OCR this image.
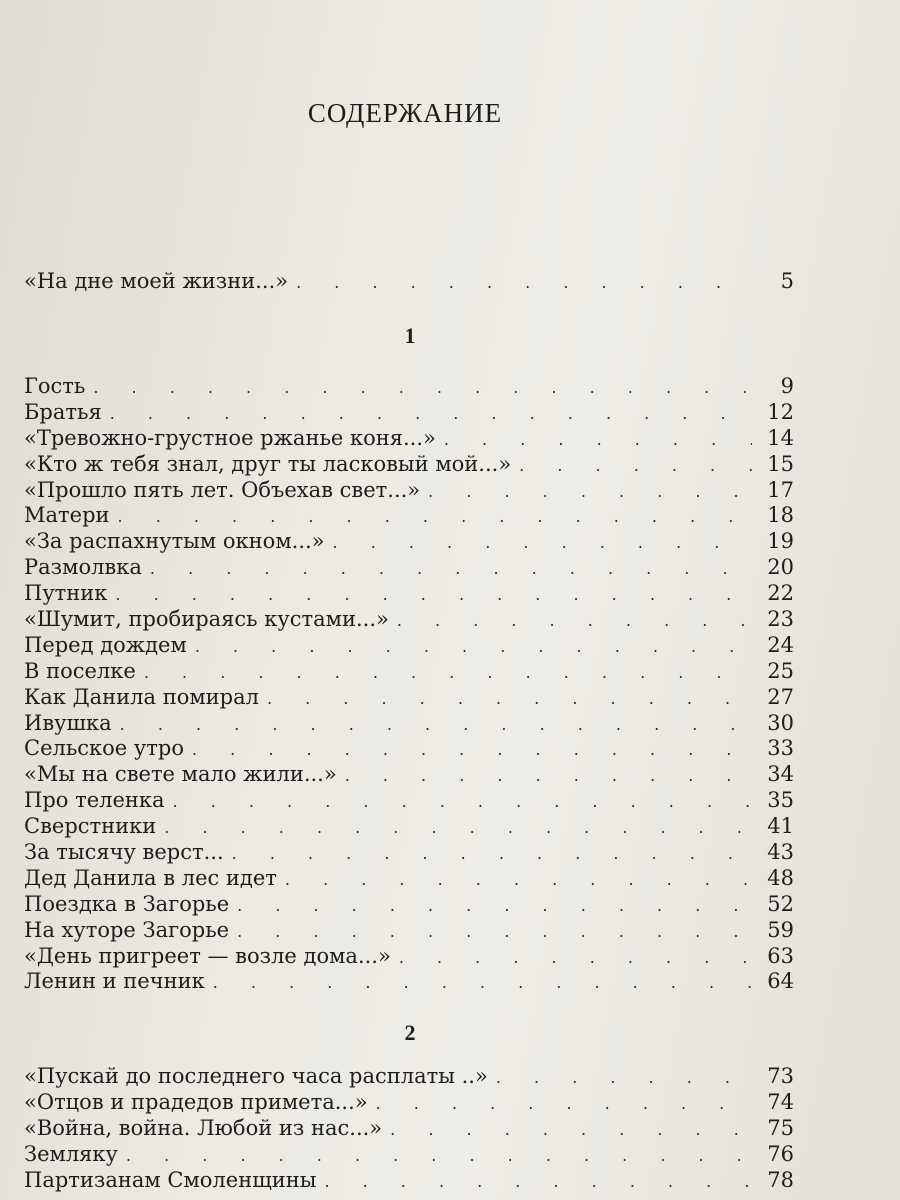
СОДЕРЖАНИЕ
«На дне моей жизни...» . . .	5
1
Гость . . .	9
Братья . . .	12
«Тревожно-грустное ржанье коня...» . . .	14
«Кто ж тебя знал, друг ты ласковый мой...» . . .	15
«Прошло пять лет. Объехав свет...» . . .	17
Матери . . .	18
«За распахнутым окном...» . . .	19
Размолвка . . .	20
Путник . . .	22
«Шумит, пробираясь кустами...» . . .	23
Перед дождем . . .	24
В поселке . . .	25
Как Данила помирал . . .	27
Ивушка . . .	30
Сельское утро . . .	33
«Мы на свете мало жили...» . . .	34
Про теленка . . .	35
Сверстники . . .	41
За тысячу верст... . . .	43
Дед Данила в лес идет . . .	48
Поездка в Загорье . . .	52
На хуторе Загорье . . .	59
«День пригреет — возле дома...» . . .	63
Ленин и печник . . .	64
2
«Пускай до последнего часа расплаты ..» . . .	73
«Отцов и прадедов примета...» . . .	74
«Война, война. Любой из нас...» . . .	75
Земляку . . .	76
Партизанам Смоленщины . . .	78
